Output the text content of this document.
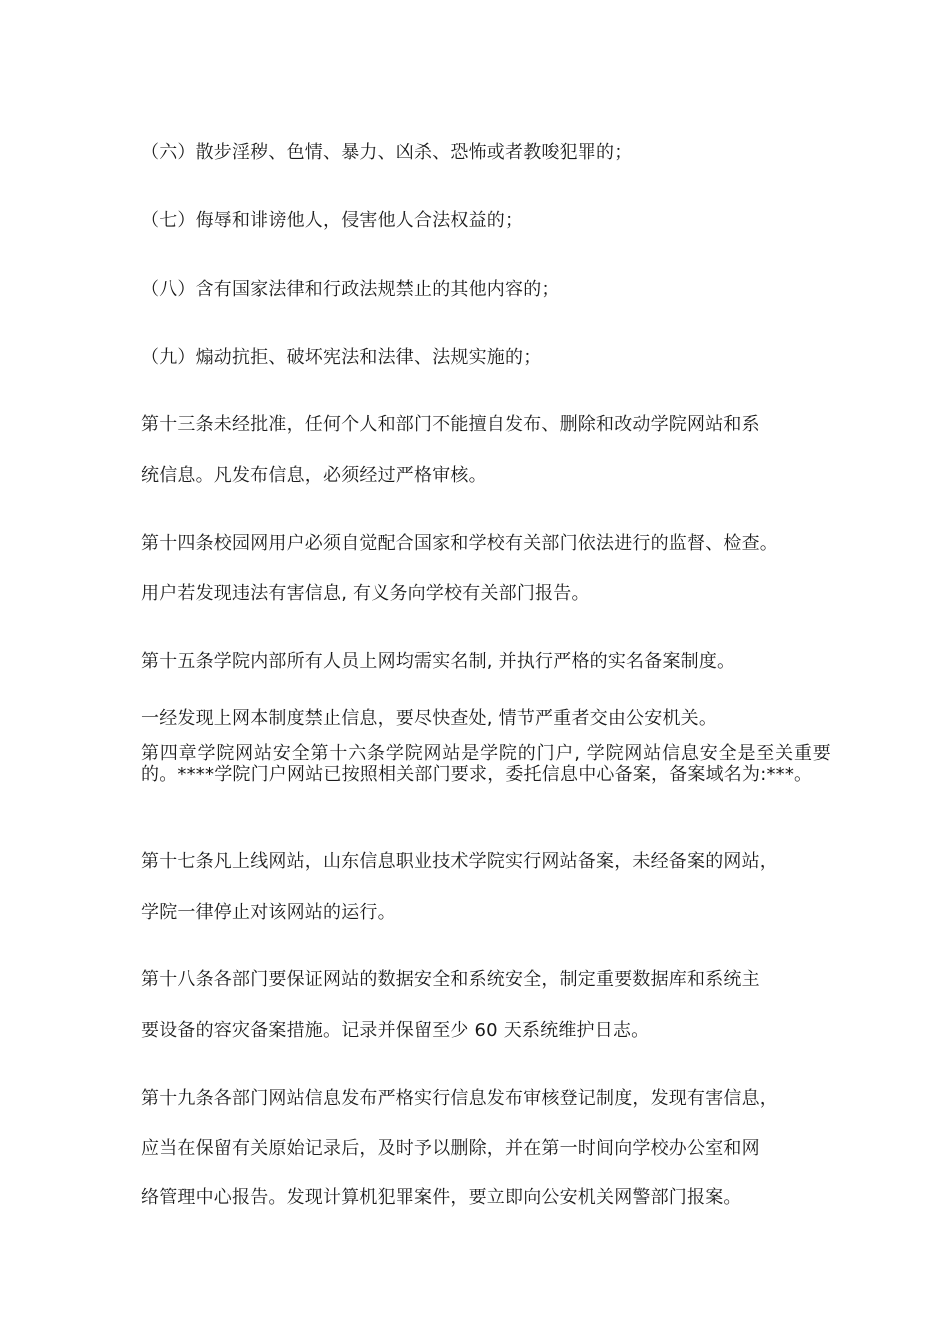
（六）散步淫秽、色情、暴力、凶杀、恐怖或者教唆犯罪的；
（七）侮辱和诽谤他人，侵害他人合法权益的；
（八）含有国家法律和行政法规禁止的其他内容的；
（九）煽动抗拒、破坏宪法和法律、法规实施的；
第十三条未经批准，任何个人和部门不能擅自发布、删除和改动学院网站和系
统信息。凡发布信息，必须经过严格审核。
第十四条校园网用户必须自觉配合国家和学校有关部门依法进行的监督、检查。
用户若发现违法有害信息, 有义务向学校有关部门报告。
第十五条学院内部所有人员上网均需实名制, 并执行严格的实名备案制度。
一经发现上网本制度禁止信息，要尽快查处, 情节严重者交由公安机关。
第四章学院网站安全第十六条学院网站是学院的门户, 学院网站信息安全是至关重要的。****学院门户网站已按照相关部门要求，委托信息中心备案，备案域名为:***。
第十七条凡上线网站，山东信息职业技术学院实行网站备案，未经备案的网站，
学院一律停止对该网站的运行。
第十八条各部门要保证网站的数据安全和系统安全，制定重要数据库和系统主
要设备的容灾备案措施。记录并保留至少 60 天系统维护日志。
第十九条各部门网站信息发布严格实行信息发布审核登记制度，发现有害信息，
应当在保留有关原始记录后，及时予以删除，并在第一时间向学校办公室和网
络管理中心报告。发现计算机犯罪案件，要立即向公安机关网警部门报案。
